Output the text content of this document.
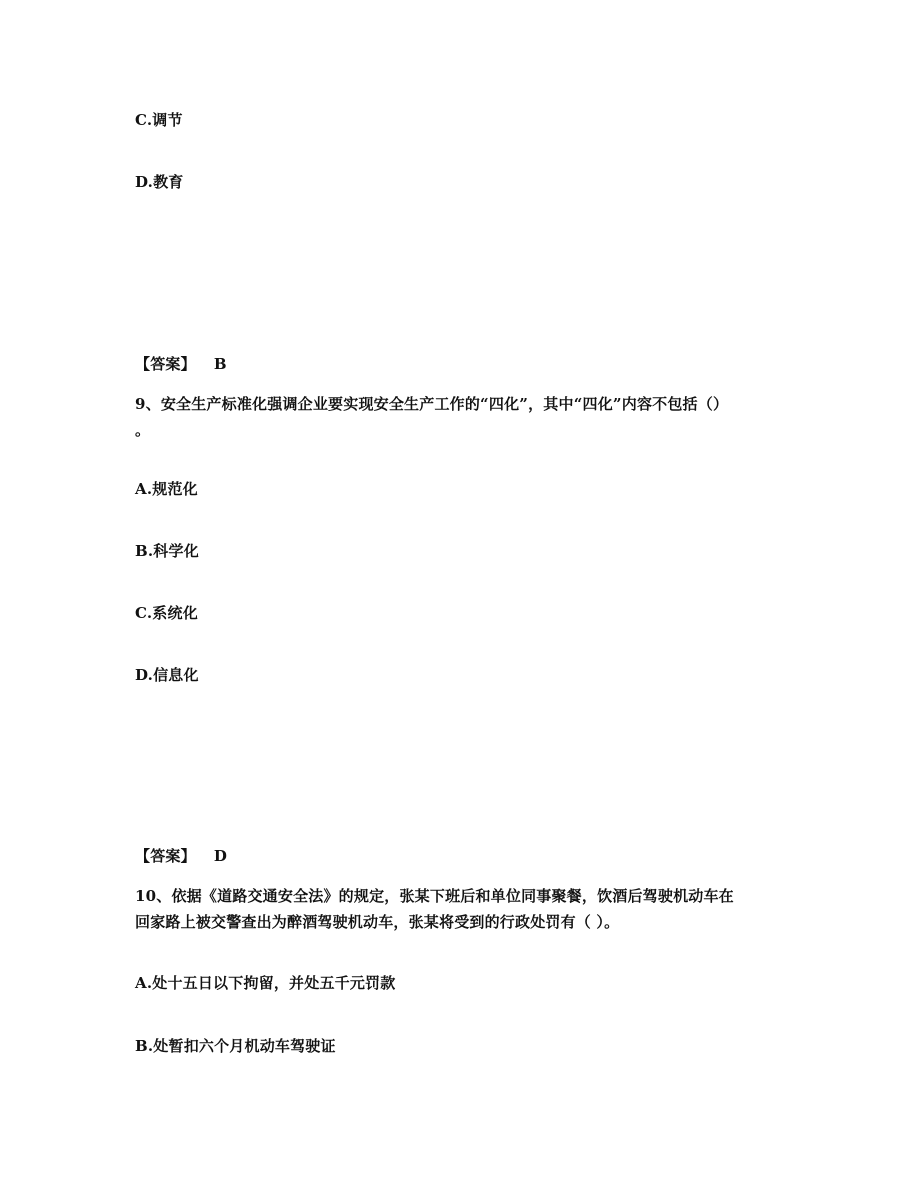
C.调节
D.教育
【答案】 B
9、安全生产标准化强调企业要实现安全生产工作的“四化”，其中“四化”内容不包括（）
。
A.规范化
B.科学化
C.系统化
D.信息化
【答案】 D
10、依据《道路交通安全法》的规定，张某下班后和单位同事聚餐，饮酒后驾驶机动车在
回家路上被交警查出为醉酒驾驶机动车，张某将受到的行政处罚有（ ）。
A.处十五日以下拘留，并处五千元罚款
B.处暂扣六个月机动车驾驶证
